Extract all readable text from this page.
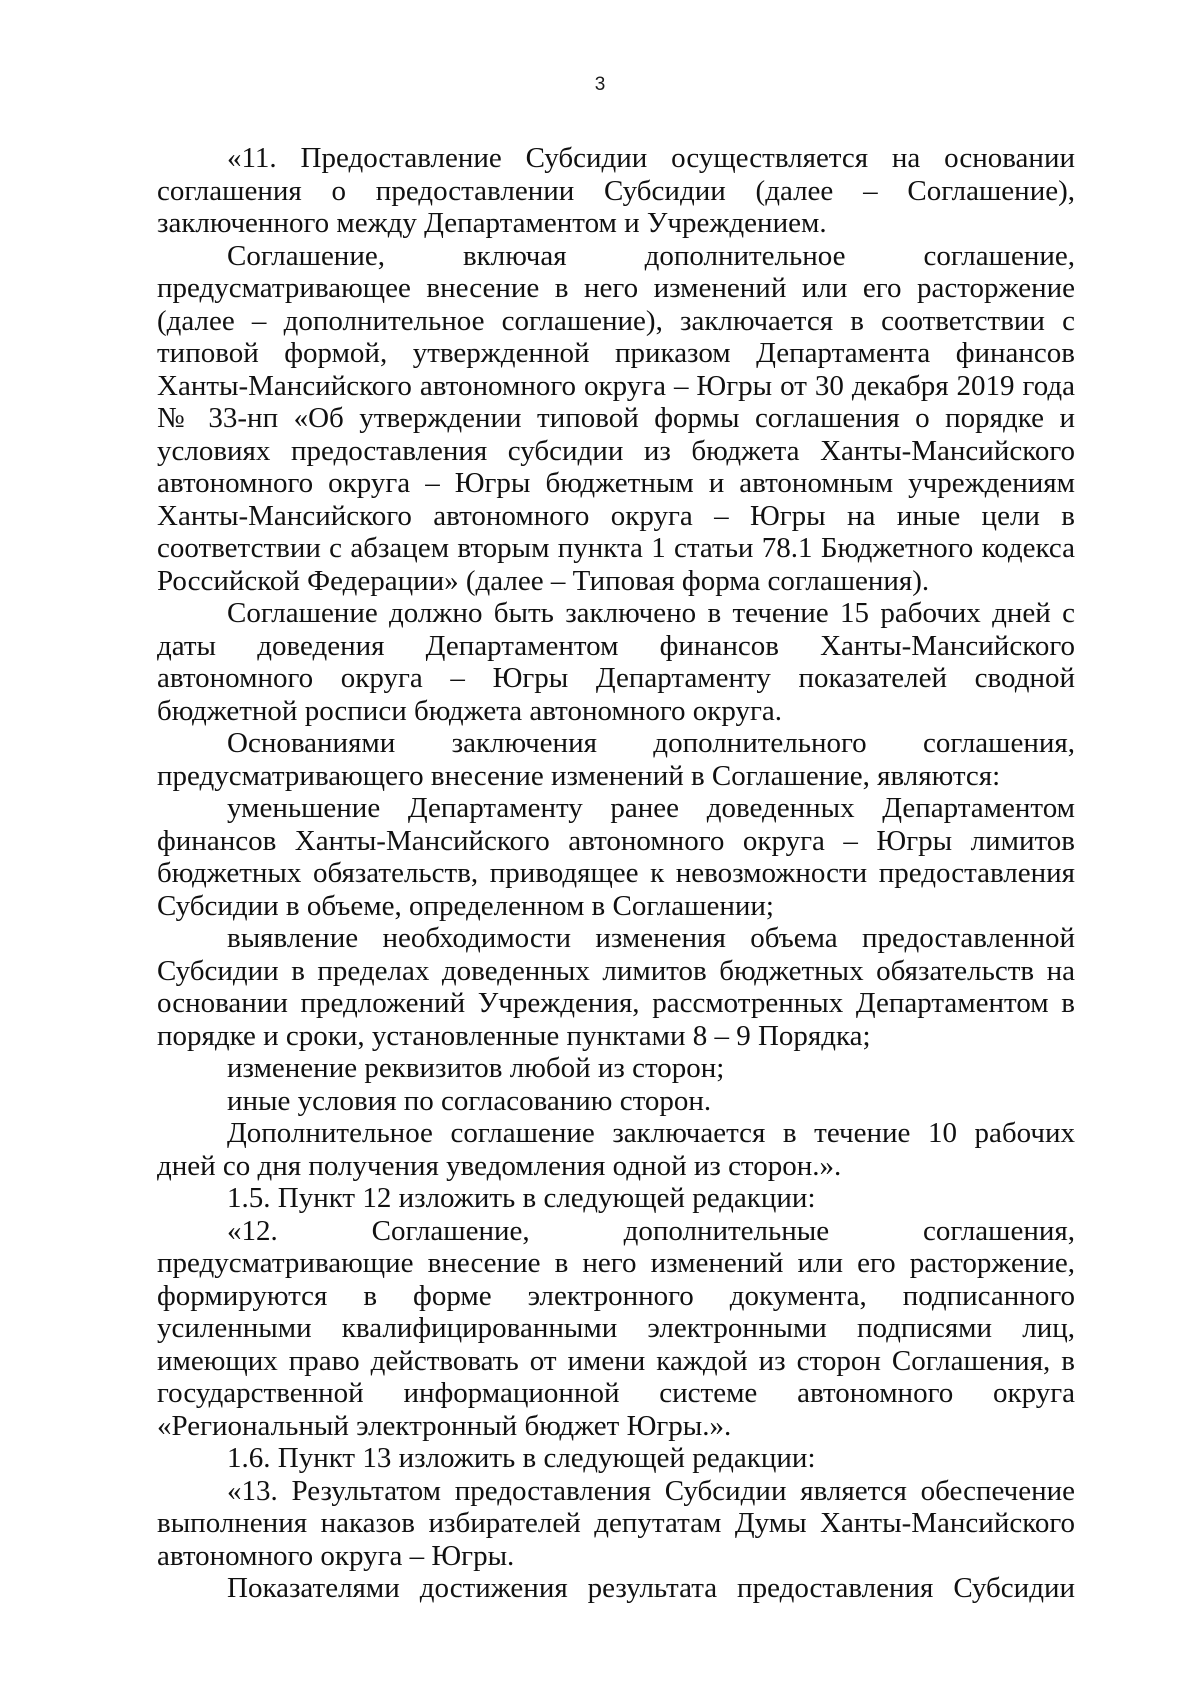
3

«11. Предоставление Субсидии осуществляется на основании соглашения о предоставлении Субсидии (далее – Соглашение), заключенного между Департаментом и Учреждением.

Соглашение, включая дополнительное соглашение, предусматривающее внесение в него изменений или его расторжение (далее – дополнительное соглашение), заключается в соответствии с типовой формой, утвержденной приказом Департамента финансов Ханты-Мансийского автономного округа – Югры от 30 декабря 2019 года № 33-нп «Об утверждении типовой формы соглашения о порядке и условиях предоставления субсидии из бюджета Ханты-Мансийского автономного округа – Югры бюджетным и автономным учреждениям Ханты-Мансийского автономного округа – Югры на иные цели в соответствии с абзацем вторым пункта 1 статьи 78.1 Бюджетного кодекса Российской Федерации» (далее – Типовая форма соглашения).

Соглашение должно быть заключено в течение 15 рабочих дней с даты доведения Департаментом финансов Ханты-Мансийского автономного округа – Югры Департаменту показателей сводной бюджетной росписи бюджета автономного округа.

Основаниями заключения дополнительного соглашения, предусматривающего внесение изменений в Соглашение, являются:

уменьшение Департаменту ранее доведенных Департаментом финансов Ханты-Мансийского автономного округа – Югры лимитов бюджетных обязательств, приводящее к невозможности предоставления Субсидии в объеме, определенном в Соглашении;

выявление необходимости изменения объема предоставленной Субсидии в пределах доведенных лимитов бюджетных обязательств на основании предложений Учреждения, рассмотренных Департаментом в порядке и сроки, установленные пунктами 8 – 9 Порядка;

изменение реквизитов любой из сторон;

иные условия по согласованию сторон.

Дополнительное соглашение заключается в течение 10 рабочих дней со дня получения уведомления одной из сторон.».

1.5. Пункт 12 изложить в следующей редакции:

«12. Соглашение, дополнительные соглашения, предусматривающие внесение в него изменений или его расторжение, формируются в форме электронного документа, подписанного усиленными квалифицированными электронными подписями лиц, имеющих право действовать от имени каждой из сторон Соглашения, в государственной информационной системе автономного округа «Региональный электронный бюджет Югры.».

1.6. Пункт 13 изложить в следующей редакции:

«13. Результатом предоставления Субсидии является обеспечение выполнения наказов избирателей депутатам Думы Ханты-Мансийского автономного округа – Югры.

Показателями достижения результата предоставления Субсидии
